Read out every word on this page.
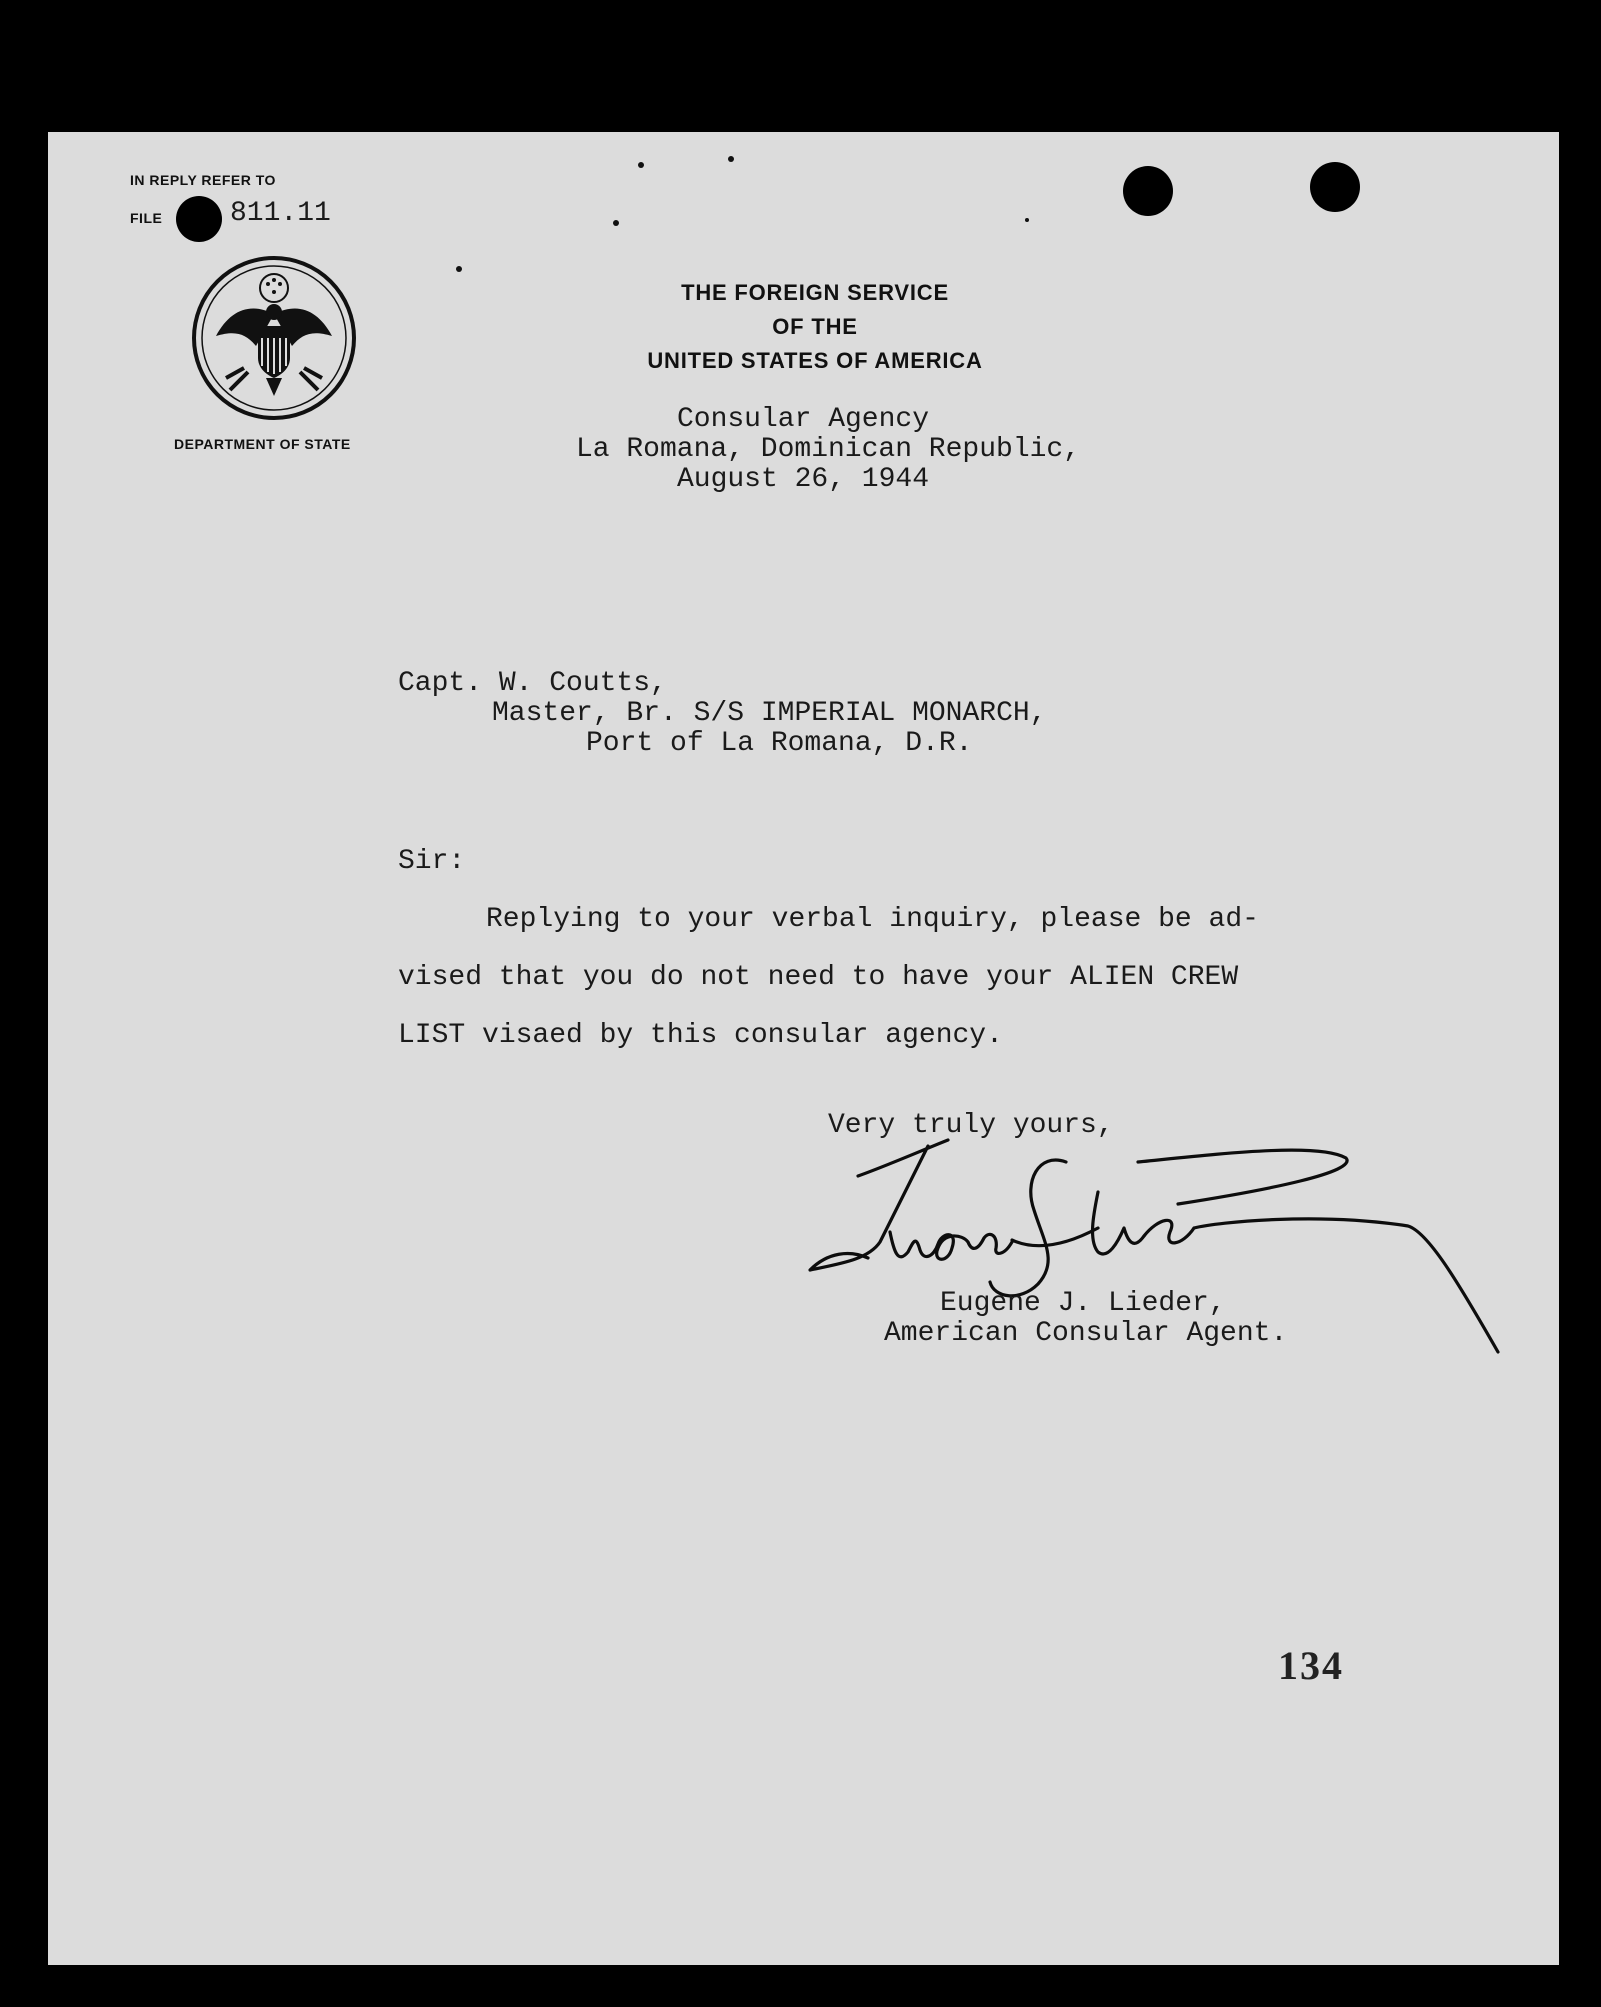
IN REPLY REFER TO

FILE 811.11

DEPARTMENT OF STATE

THE FOREIGN SERVICE

OF THE

UNITED STATES OF AMERICA

Consular Agency

La Romana, Dominican Republic,

August 26, 1944

Capt. W. Coutts,

Master, Br. S/S IMPERIAL MONARCH,

Port of La Romana, D.R.

Sir:

Replying to your verbal inquiry, please be ad-

vised that you do not need to have your ALIEN CREW

LIST visaed by this consular agency.

Very truly yours,

Eugene J. Lieder,

American Consular Agent.

134
